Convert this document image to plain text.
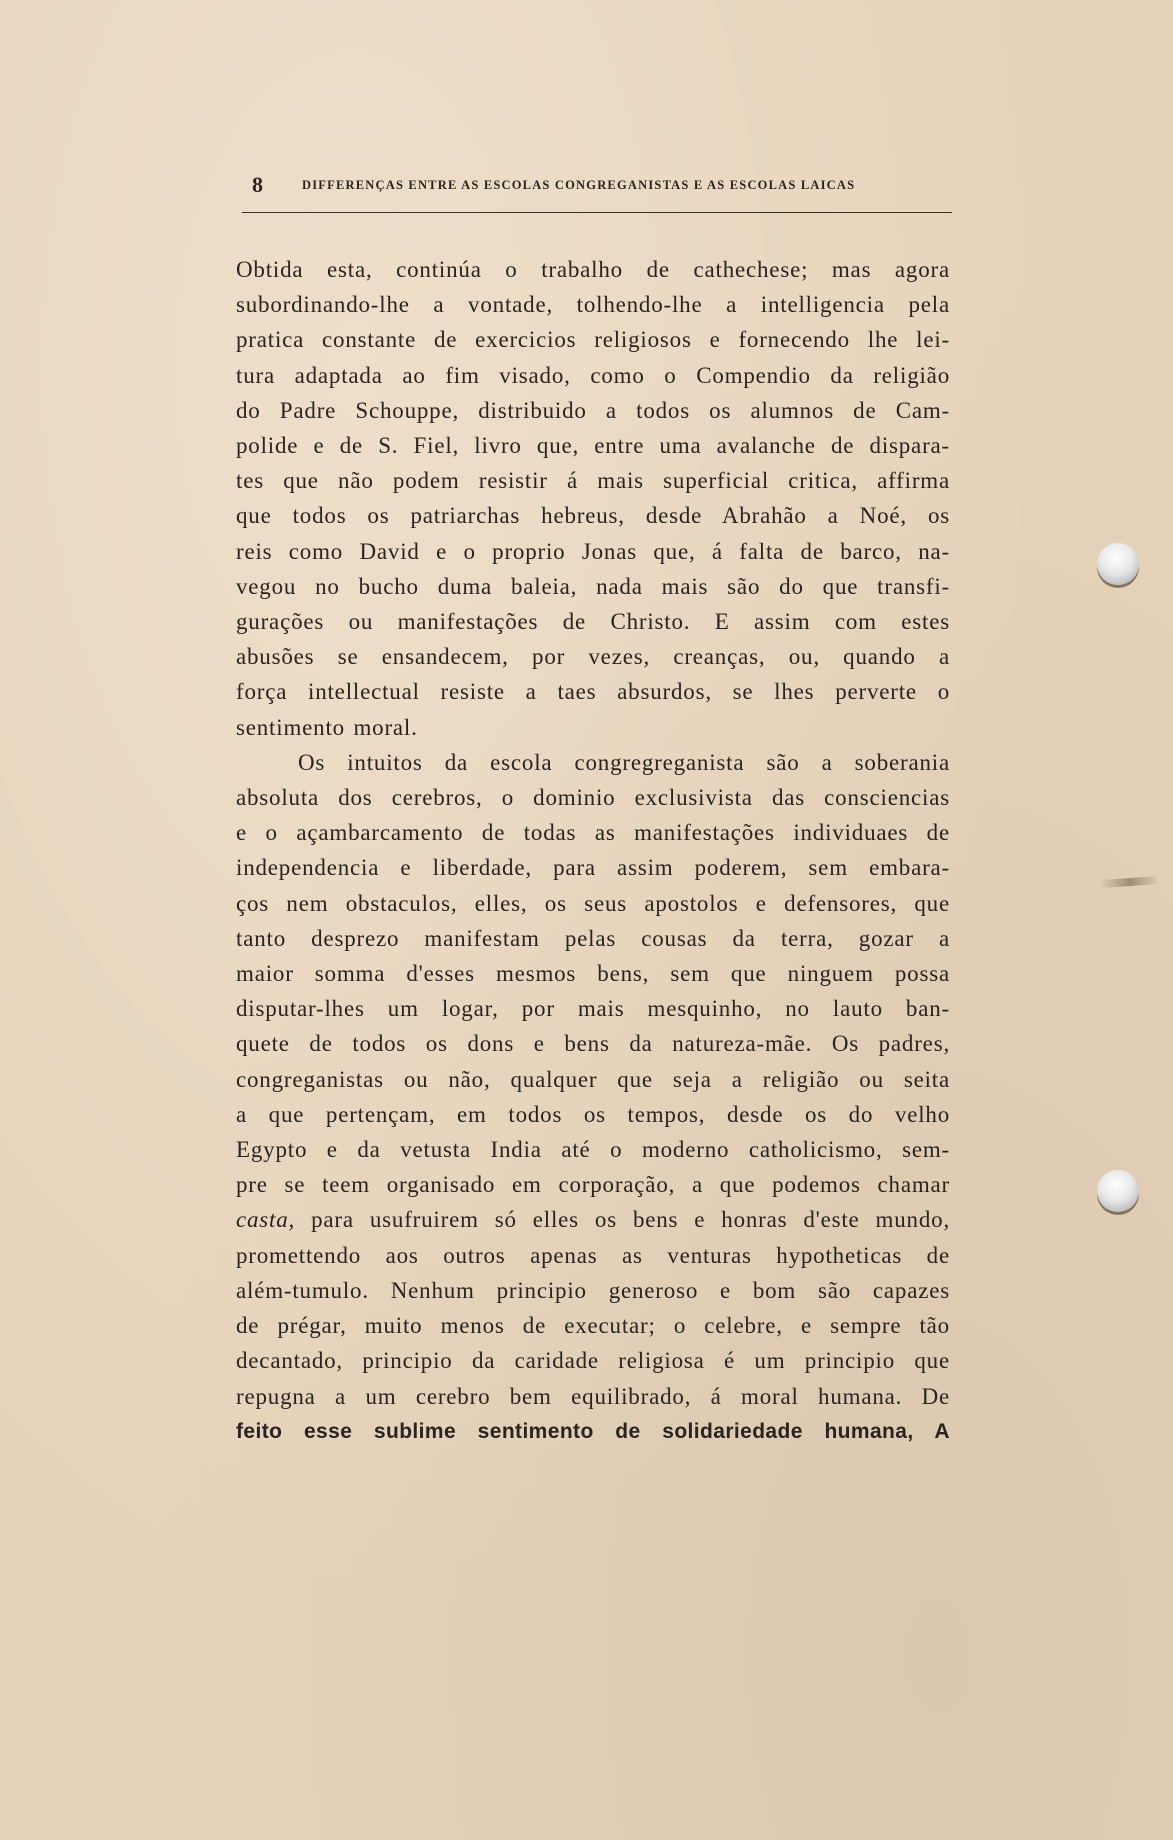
8	DIFFERENÇAS ENTRE AS ESCOLAS CONGREGANISTAS E AS ESCOLAS LAICAS
Obtida esta, continúa o trabalho de cathechese; mas agora
subordinando-lhe a vontade, tolhendo-lhe a intelligencia pela
pratica constante de exercicios religiosos e fornecendo lhe lei-
tura adaptada ao fim visado, como o Compendio da religião
do Padre Schouppe, distribuido a todos os alumnos de Cam-
polide e de S. Fiel, livro que, entre uma avalanche de dispara-
tes que não podem resistir á mais superficial critica, affirma
que todos os patriarchas hebreus, desde Abrahão a Noé, os
reis como David e o proprio Jonas que, á falta de barco, na-
vegou no bucho duma baleia, nada mais são do que transfi-
gurações ou manifestações de Christo. E assim com estes
abusões se ensandecem, por vezes, creanças, ou, quando a
força intellectual resiste a taes absurdos, se lhes perverte o
sentimento moral.
Os intuitos da escola congregreganista são a soberania
absoluta dos cerebros, o dominio exclusivista das consciencias
e o açambarcamento de todas as manifestações individuaes de
independencia e liberdade, para assim poderem, sem embara-
ços nem obstaculos, elles, os seus apostolos e defensores, que
tanto desprezo manifestam pelas cousas da terra, gozar a
maior somma d'esses mesmos bens, sem que ninguem possa
disputar-lhes um logar, por mais mesquinho, no lauto ban-
quete de todos os dons e bens da natureza-mãe. Os padres,
congreganistas ou não, qualquer que seja a religião ou seita
a que pertençam, em todos os tempos, desde os do velho
Egypto e da vetusta India até o moderno catholicismo, sem-
pre se teem organisado em corporação, a que podemos chamar
casta, para usufruirem só elles os bens e honras d'este mundo,
promettendo aos outros apenas as venturas hypotheticas de
além-tumulo. Nenhum principio generoso e bom são capazes
de prégar, muito menos de executar; o celebre, e sempre tão
decantado, principio da caridade religiosa é um principio que
repugna a um cerebro bem equilibrado, á moral humana. De
feito esse sublime sentimento de solidariedade humana, A
